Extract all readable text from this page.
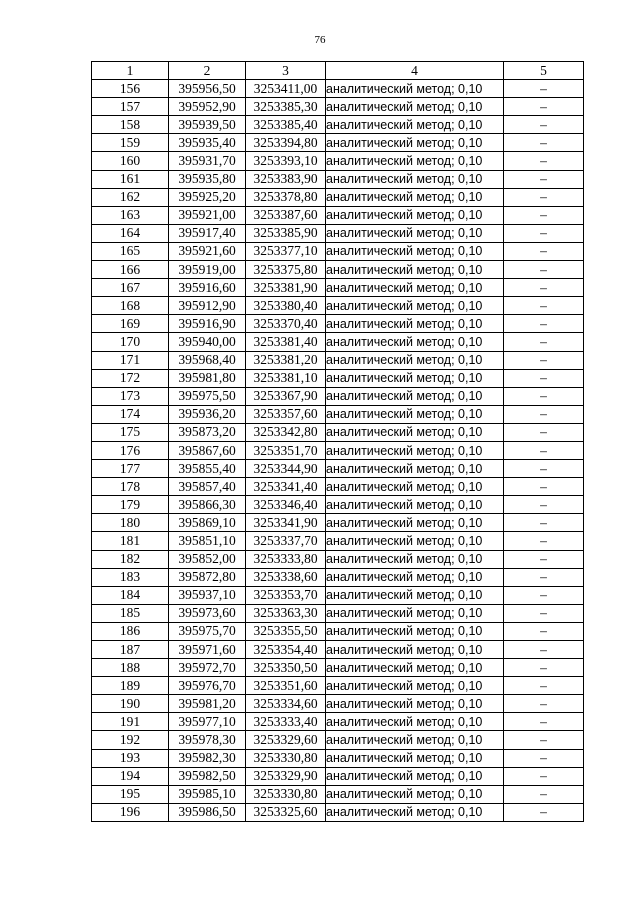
76
1	2	3	4	5
156	395956,50	3253411,00	аналитический метод; 0,10	–
157	395952,90	3253385,30	аналитический метод; 0,10	–
158	395939,50	3253385,40	аналитический метод; 0,10	–
159	395935,40	3253394,80	аналитический метод; 0,10	–
160	395931,70	3253393,10	аналитический метод; 0,10	–
161	395935,80	3253383,90	аналитический метод; 0,10	–
162	395925,20	3253378,80	аналитический метод; 0,10	–
163	395921,00	3253387,60	аналитический метод; 0,10	–
164	395917,40	3253385,90	аналитический метод; 0,10	–
165	395921,60	3253377,10	аналитический метод; 0,10	–
166	395919,00	3253375,80	аналитический метод; 0,10	–
167	395916,60	3253381,90	аналитический метод; 0,10	–
168	395912,90	3253380,40	аналитический метод; 0,10	–
169	395916,90	3253370,40	аналитический метод; 0,10	–
170	395940,00	3253381,40	аналитический метод; 0,10	–
171	395968,40	3253381,20	аналитический метод; 0,10	–
172	395981,80	3253381,10	аналитический метод; 0,10	–
173	395975,50	3253367,90	аналитический метод; 0,10	–
174	395936,20	3253357,60	аналитический метод; 0,10	–
175	395873,20	3253342,80	аналитический метод; 0,10	–
176	395867,60	3253351,70	аналитический метод; 0,10	–
177	395855,40	3253344,90	аналитический метод; 0,10	–
178	395857,40	3253341,40	аналитический метод; 0,10	–
179	395866,30	3253346,40	аналитический метод; 0,10	–
180	395869,10	3253341,90	аналитический метод; 0,10	–
181	395851,10	3253337,70	аналитический метод; 0,10	–
182	395852,00	3253333,80	аналитический метод; 0,10	–
183	395872,80	3253338,60	аналитический метод; 0,10	–
184	395937,10	3253353,70	аналитический метод; 0,10	–
185	395973,60	3253363,30	аналитический метод; 0,10	–
186	395975,70	3253355,50	аналитический метод; 0,10	–
187	395971,60	3253354,40	аналитический метод; 0,10	–
188	395972,70	3253350,50	аналитический метод; 0,10	–
189	395976,70	3253351,60	аналитический метод; 0,10	–
190	395981,20	3253334,60	аналитический метод; 0,10	–
191	395977,10	3253333,40	аналитический метод; 0,10	–
192	395978,30	3253329,60	аналитический метод; 0,10	–
193	395982,30	3253330,80	аналитический метод; 0,10	–
194	395982,50	3253329,90	аналитический метод; 0,10	–
195	395985,10	3253330,80	аналитический метод; 0,10	–
196	395986,50	3253325,60	аналитический метод; 0,10	–
